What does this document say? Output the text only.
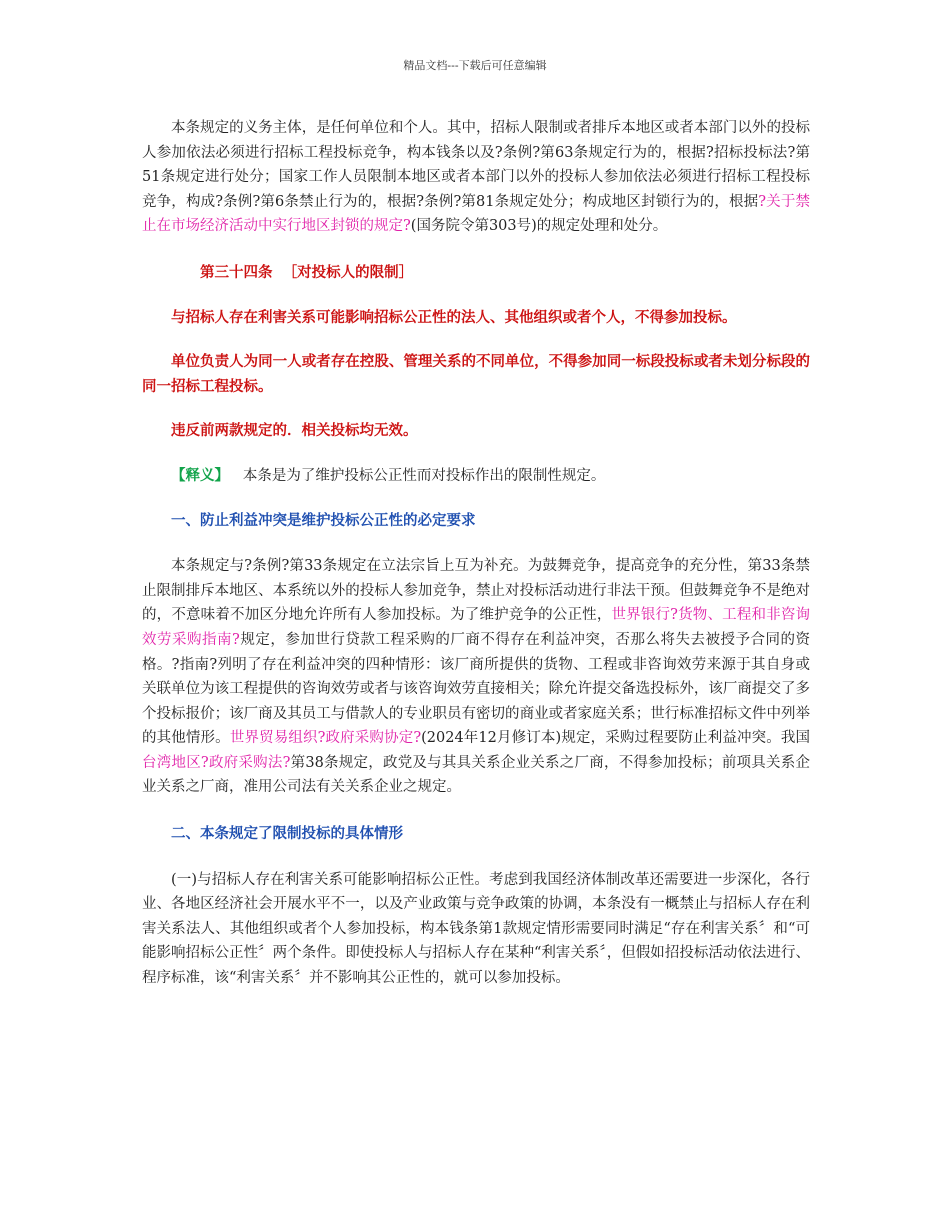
精品文档---下载后可任意编辑

本条规定的义务主体，是任何单位和个人。其中，招标人限制或者排斥本地区或者本部门以外的投标人参加依法必须进行招标工程投标竞争，构本钱条以及?条例?第63条规定行为的，根据?招标投标法?第51条规定进行处分；国家工作人员限制本地区或者本部门以外的投标人参加依法必须进行招标工程投标竞争，构成?条例?第6条禁止行为的，根据?条例?第81条规定处分；构成地区封锁行为的，根据?关于禁止在市场经济活动中实行地区封锁的规定?(国务院令第303号)的规定处理和处分。

第三十四条 ［对投标人的限制］

与招标人存在利害关系可能影响招标公正性的法人、其他组织或者个人，不得参加投标。

单位负责人为同一人或者存在控股、管理关系的不同单位，不得参加同一标段投标或者未划分标段的同一招标工程投标。

违反前两款规定的．相关投标均无效。

【释义】 本条是为了维护投标公正性而对投标作出的限制性规定。

一、防止利益冲突是维护投标公正性的必定要求

本条规定与?条例?第33条规定在立法宗旨上互为补充。为鼓舞竞争，提高竞争的充分性，第33条禁止限制排斥本地区、本系统以外的投标人参加竞争，禁止对投标活动进行非法干预。但鼓舞竞争不是绝对的，不意味着不加区分地允许所有人参加投标。为了维护竞争的公正性，世界银行?货物、工程和非咨询效劳采购指南?规定，参加世行贷款工程采购的厂商不得存在利益冲突，否那么将失去被授予合同的资格。?指南?列明了存在利益冲突的四种情形：该厂商所提供的货物、工程或非咨询效劳来源于其自身或关联单位为该工程提供的咨询效劳或者与该咨询效劳直接相关；除允许提交备选投标外，该厂商提交了多个投标报价；该厂商及其员工与借款人的专业职员有密切的商业或者家庭关系；世行标准招标文件中列举的其他情形。世界贸易组织?政府采购协定?(2024年12月修订本)规定，采购过程要防止利益冲突。我国台湾地区?政府采购法?第38条规定，政党及与其具关系企业关系之厂商，不得参加投标；前项具关系企业关系之厂商，准用公司法有关关系企业之规定。

二、本条规定了限制投标的具体情形

(一)与招标人存在利害关系可能影响招标公正性。考虑到我国经济体制改革还需要进一步深化，各行业、各地区经济社会开展水平不一，以及产业政策与竞争政策的协调，本条没有一概禁止与招标人存在利害关系法人、其他组织或者个人参加投标，构本钱条第1款规定情形需要同时满足“存在利害关系〞和“可能影响招标公正性〞两个条件。即使投标人与招标人存在某种“利害关系〞，但假如招投标活动依法进行、程序标准，该“利害关系〞并不影响其公正性的，就可以参加投标。
